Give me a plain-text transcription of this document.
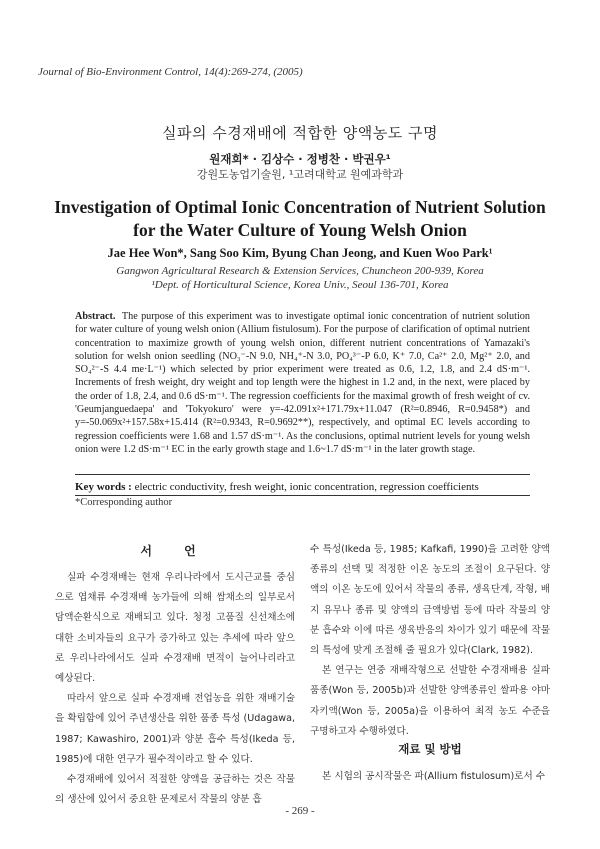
Journal of Bio-Environment Control, 14(4):269-274, (2005)
실파의 수경재배에 적합한 양액농도 구명
원재희* · 김상수 · 정병찬 · 박권우¹
강원도농업기술원, ¹고려대학교 원예과학과
Investigation of Optimal Ionic Concentration of Nutrient Solution
for the Water Culture of Young Welsh Onion
Jae Hee Won*, Sang Soo Kim, Byung Chan Jeong, and Kuen Woo Park¹
Gangwon Agricultural Research & Extension Services, Chuncheon 200-939, Korea
¹Dept. of Horticultural Science, Korea Univ., Seoul 136-701, Korea
Abstract. The purpose of this experiment was to investigate optimal ionic concentration of nutrient solution for water culture of young welsh onion (Allium fistulosum). For the purpose of clarification of optimal nutrient concentration to maximize growth of young welsh onion, different nutrient concentrations of Yamazaki's solution for welsh onion seedling (NO₃⁻-N 9.0, NH₄⁺-N 3.0, PO₄³⁻-P 6.0, K⁺ 7.0, Ca²⁺ 2.0, Mg²⁺ 2.0, and SO₄²⁻-S 4.4 me·L⁻¹) which selected by prior experiment were treated as 0.6, 1.2, 1.8, and 2.4 dS·m⁻¹. Increments of fresh weight, dry weight and top length were the highest in 1.2 and, in the next, were placed by the order of 1.8, 2.4, and 0.6 dS·m⁻¹. The regression coefficients for the maximal growth of fresh weight of cv. 'Geumjanguedaepa' and 'Tokyokuro' were y=-42.091x²+171.79x+11.047 (R²=0.8946, R=0.9458*) and y=-50.069x²+157.58x+15.414 (R²=0.9343, R=0.9692**), respectively, and optimal EC levels according to regression coefficients were 1.68 and 1.57 dS·m⁻¹. As the conclusions, optimal nutrient levels for young welsh onion were 1.2 dS·m⁻¹ EC in the early growth stage and 1.6~1.7 dS·m⁻¹ in the later growth stage.
Key words : electric conductivity, fresh weight, ionic concentration, regression coefficients
*Corresponding author
서 언

실파 수경재배는 현재 우리나라에서 도시근교를 중심으로 엽채류 수경재배 농가들에 의해 쌈채소의 일부로서 담액순환식으로 재배되고 있다. 청정 고품질 신선채소에 대한 소비자들의 요구가 증가하고 있는 추세에 따라 앞으로 우리나라에서도 실파 수경재배 면적이 늘어나리라고 예상된다.

따라서 앞으로 실파 수경재배 전업농을 위한 재배기술을 확립함에 있어 주년생산을 위한 품종 특성 (Udagawa, 1987; Kawashiro, 2001)과 양분 흡수 특성(Ikeda 등, 1985)에 대한 연구가 필수적이라고 할 수 있다.

수경재배에 있어서 적절한 양액을 공급하는 것은 작물의 생산에 있어서 중요한 문제로서 작물의 양분 흡

수 특성(Ikeda 등, 1985; Kafkafi, 1990)을 고려한 양액종류의 선택 및 적정한 이온 농도의 조절이 요구된다. 양액의 이온 농도에 있어서 작물의 종류, 생육단계, 작형, 배지 유무나 종류 및 양액의 급액방법 등에 따라 작물의 양분 흡수와 이에 따른 생육반응의 차이가 있기 때문에 작물의 특성에 맞게 조절해 줄 필요가 있다(Clark, 1982).

본 연구는 연중 재배작형으로 선발한 수경재배용 실파 품종(Won 등, 2005b)과 선발한 양액종류인 쌀파용 야마자키액(Won 등, 2005a)을 이용하여 최적 농도 수준을 구명하고자 수행하였다.

재료 및 방법

본 시험의 공시작물은 파(Allium fistulosum)로서 수

- 269 -
